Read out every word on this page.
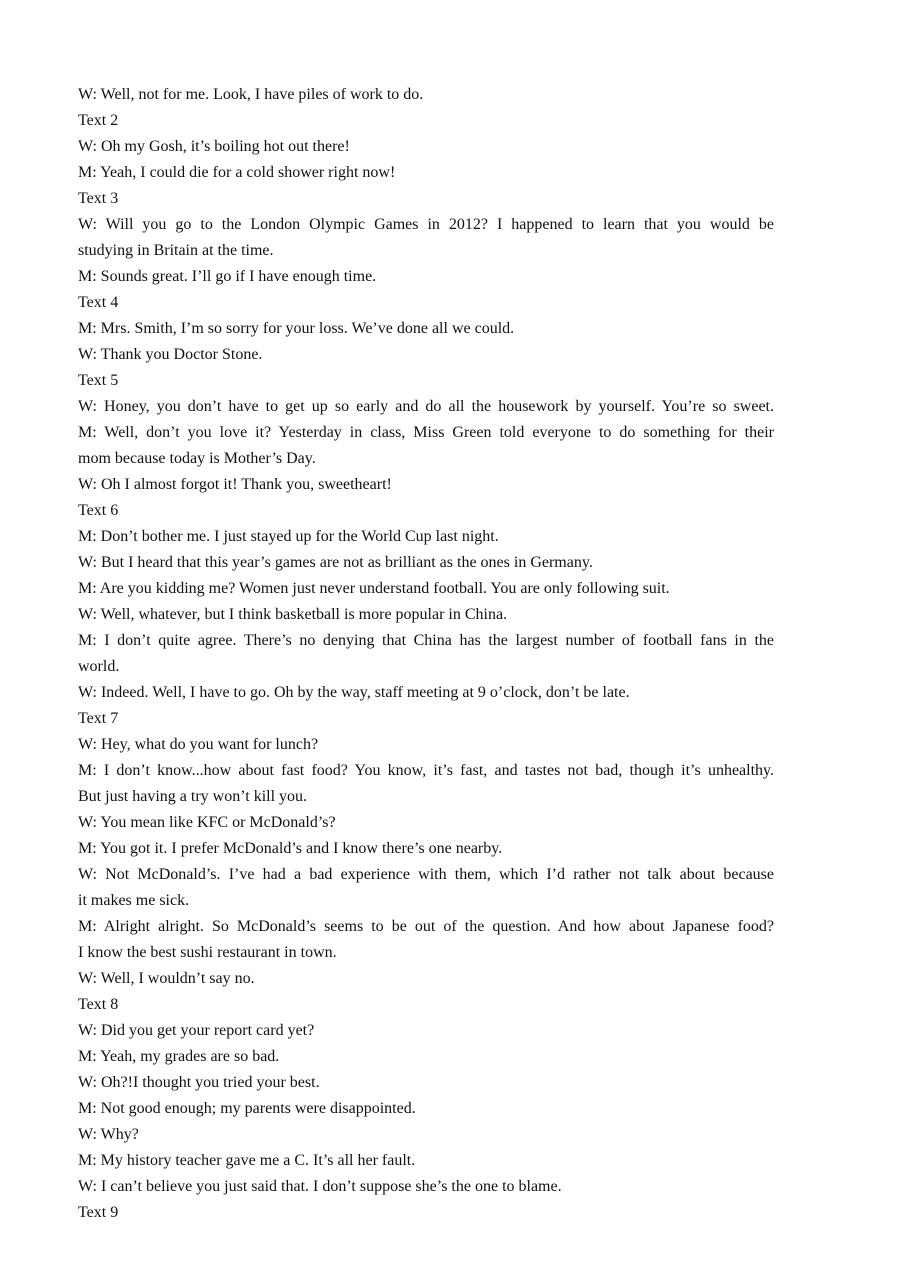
W: Well, not for me. Look, I have piles of work to do.
Text 2
W: Oh my Gosh, it’s boiling hot out there!
M: Yeah, I could die for a cold shower right now!
Text 3
W: Will you go to the London Olympic Games in 2012? I happened to learn that you would be
studying in Britain at the time.
M: Sounds great. I’ll go if I have enough time.
Text 4
M: Mrs. Smith, I’m so sorry for your loss. We’ve done all we could.
W: Thank you Doctor Stone.
Text 5
W: Honey, you don’t have to get up so early and do all the housework by yourself. You’re so sweet.
M: Well, don’t you love it? Yesterday in class, Miss Green told everyone to do something for their
mom because today is Mother’s Day.
W: Oh I almost forgot it! Thank you, sweetheart!
Text 6
M: Don’t bother me. I just stayed up for the World Cup last night.
W: But I heard that this year’s games are not as brilliant as the ones in Germany.
M: Are you kidding me? Women just never understand football. You are only following suit.
W: Well, whatever, but I think basketball is more popular in China.
M: I don’t quite agree. There’s no denying that China has the largest number of football fans in the
world.
W: Indeed. Well, I have to go. Oh by the way, staff meeting at 9 o’clock, don’t be late.
Text 7
W: Hey, what do you want for lunch?
M: I don’t know...how about fast food? You know, it’s fast, and tastes not bad, though it’s unhealthy.
But just having a try won’t kill you.
W: You mean like KFC or McDonald’s?
M: You got it. I prefer McDonald’s and I know there’s one nearby.
W: Not McDonald’s. I’ve had a bad experience with them, which I’d rather not talk about because
it makes me sick.
M: Alright alright. So McDonald’s seems to be out of the question. And how about Japanese food?
I know the best sushi restaurant in town.
W: Well, I wouldn’t say no.
Text 8
W: Did you get your report card yet?
M: Yeah, my grades are so bad.
W: Oh?!I thought you tried your best.
M: Not good enough; my parents were disappointed.
W: Why?
M: My history teacher gave me a C. It’s all her fault.
W: I can’t believe you just said that. I don’t suppose she’s the one to blame.
Text 9
